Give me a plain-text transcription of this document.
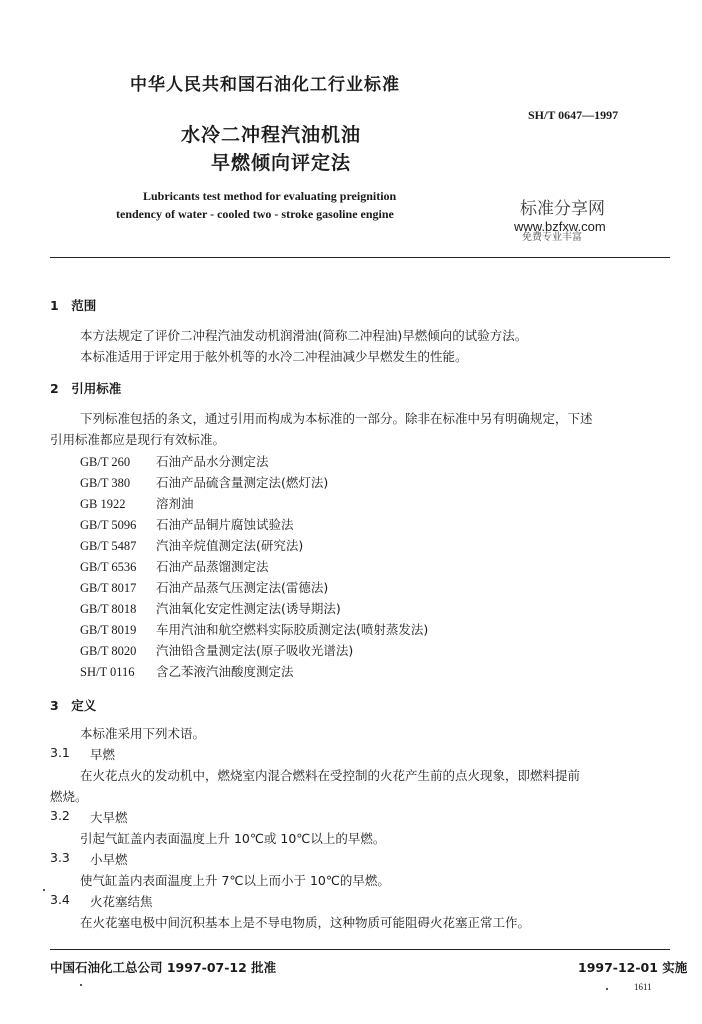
中华人民共和国石油化工行业标准
SH/T 0647—1997
水冷二冲程汽油机油
早燃倾向评定法
Lubricants test method for evaluating preignition
tendency of water - cooled two - stroke gasoline engine	标准分享网
www.bzfxw.com
免费专业丰富
1　范围
本方法规定了评价二冲程汽油发动机润滑油(简称二冲程油)早燃倾向的试验方法。
本标准适用于评定用于舷外机等的水冷二冲程油减少早燃发生的性能。
2　引用标准
下列标准包括的条文，通过引用而构成为本标准的一部分。除非在标准中另有明确规定，下述
引用标准都应是现行有效标准。
GB/T 260 石油产品水分测定法
GB/T 380 石油产品硫含量测定法(燃灯法)
GB 1922 溶剂油
GB/T 5096 石油产品铜片腐蚀试验法
GB/T 5487 汽油辛烷值测定法(研究法)
GB/T 6536 石油产品蒸馏测定法
GB/T 8017 石油产品蒸气压测定法(雷德法)
GB/T 8018 汽油氧化安定性测定法(诱导期法)
GB/T 8019 车用汽油和航空燃料实际胶质测定法(喷射蒸发法)
GB/T 8020 汽油铅含量测定法(原子吸收光谱法)
SH/T 0116 含乙苯液汽油酸度测定法
3　定义
本标准采用下列术语。
3.1 早燃
在火花点火的发动机中，燃烧室内混合燃料在受控制的火花产生前的点火现象，即燃料提前
燃烧。
3.2 大早燃
引起气缸盖内表面温度上升 10℃或 10℃以上的早燃。
3.3 小早燃
使气缸盖内表面温度上升 7℃以上而小于 10℃的早燃。
3.4 火花塞结焦
在火花塞电极中间沉积基本上是不导电物质，这种物质可能阻碍火花塞正常工作。
中国石油化工总公司 1997-07-12 批准	1997-12-01 实施
1611
